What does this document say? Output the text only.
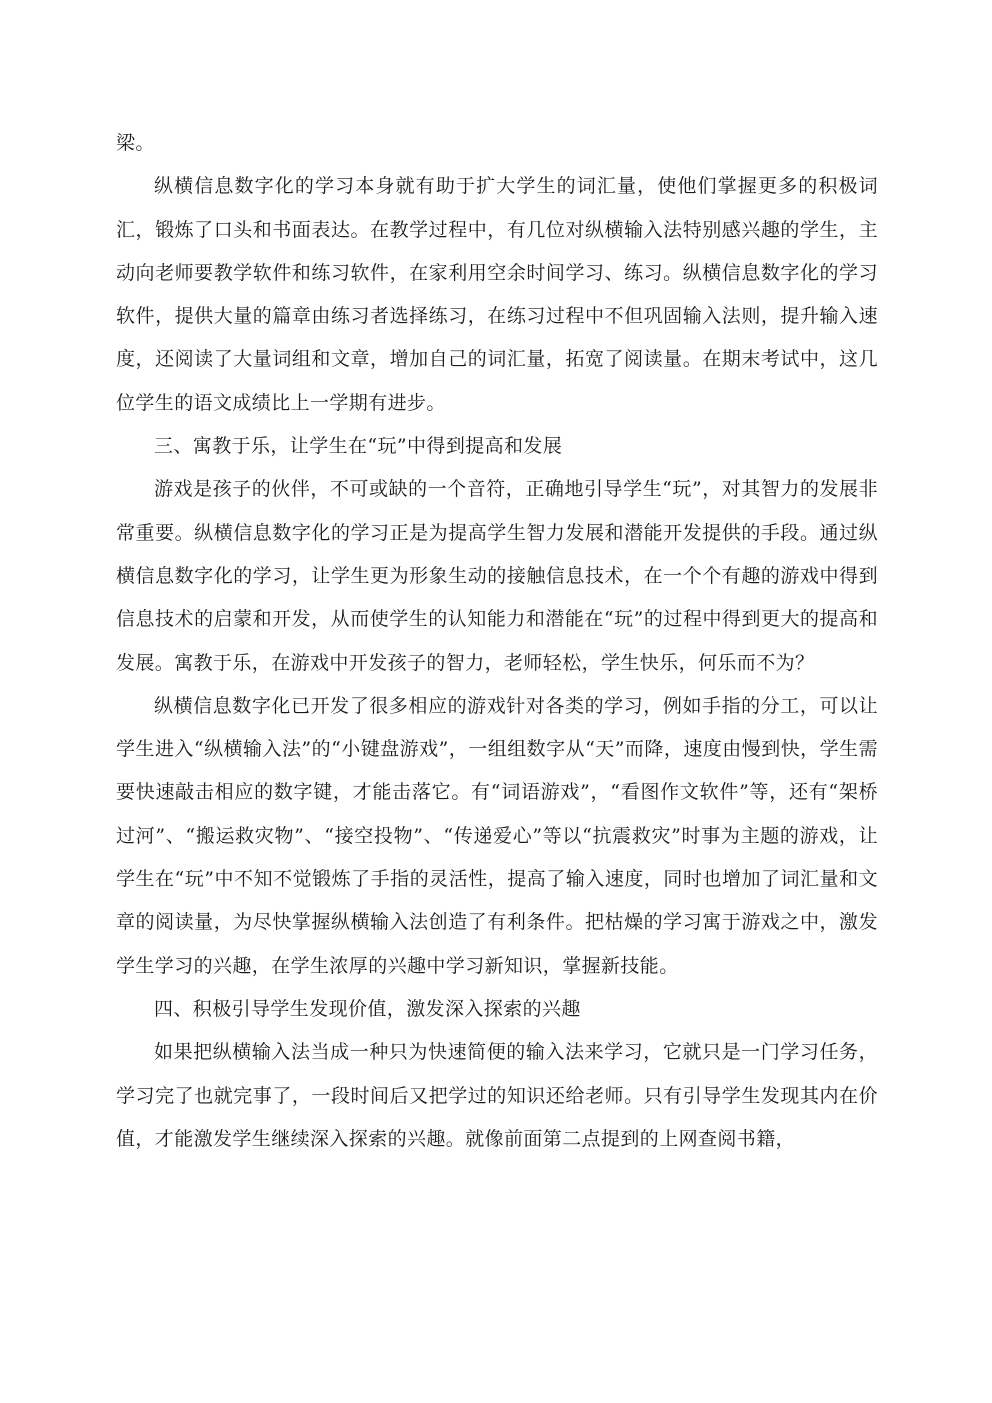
梁。

纵横信息数字化的学习本身就有助于扩大学生的词汇量，使他们掌握更多的积极词汇，锻炼了口头和书面表达。在教学过程中，有几位对纵横输入法特别感兴趣的学生，主动向老师要教学软件和练习软件，在家利用空余时间学习、练习。纵横信息数字化的学习软件，提供大量的篇章由练习者选择练习，在练习过程中不但巩固输入法则，提升输入速度，还阅读了大量词组和文章，增加自己的词汇量，拓宽了阅读量。在期末考试中，这几位学生的语文成绩比上一学期有进步。

三、寓教于乐，让学生在“玩”中得到提高和发展

游戏是孩子的伙伴，不可或缺的一个音符，正确地引导学生“玩”，对其智力的发展非常重要。纵横信息数字化的学习正是为提高学生智力发展和潜能开发提供的手段。通过纵横信息数字化的学习，让学生更为形象生动的接触信息技术，在一个个有趣的游戏中得到信息技术的启蒙和开发，从而使学生的认知能力和潜能在“玩”的过程中得到更大的提高和发展。寓教于乐，在游戏中开发孩子的智力，老师轻松，学生快乐，何乐而不为？

纵横信息数字化已开发了很多相应的游戏针对各类的学习，例如手指的分工，可以让学生进入“纵横输入法”的“小键盘游戏”，一组组数字从“天”而降，速度由慢到快，学生需要快速敲击相应的数字键，才能击落它。有“词语游戏”，“看图作文软件”等，还有“架桥过河”、“搬运救灾物”、“接空投物”、“传递爱心”等以“抗震救灾”时事为主题的游戏，让学生在“玩”中不知不觉锻炼了手指的灵活性，提高了输入速度，同时也增加了词汇量和文章的阅读量，为尽快掌握纵横输入法创造了有利条件。把枯燥的学习寓于游戏之中，激发学生学习的兴趣，在学生浓厚的兴趣中学习新知识，掌握新技能。

四、积极引导学生发现价值，激发深入探索的兴趣

如果把纵横输入法当成一种只为快速简便的输入法来学习，它就只是一门学习任务，学习完了也就完事了，一段时间后又把学过的知识还给老师。只有引导学生发现其内在价值，才能激发学生继续深入探索的兴趣。就像前面第二点提到的上网查阅书籍，
